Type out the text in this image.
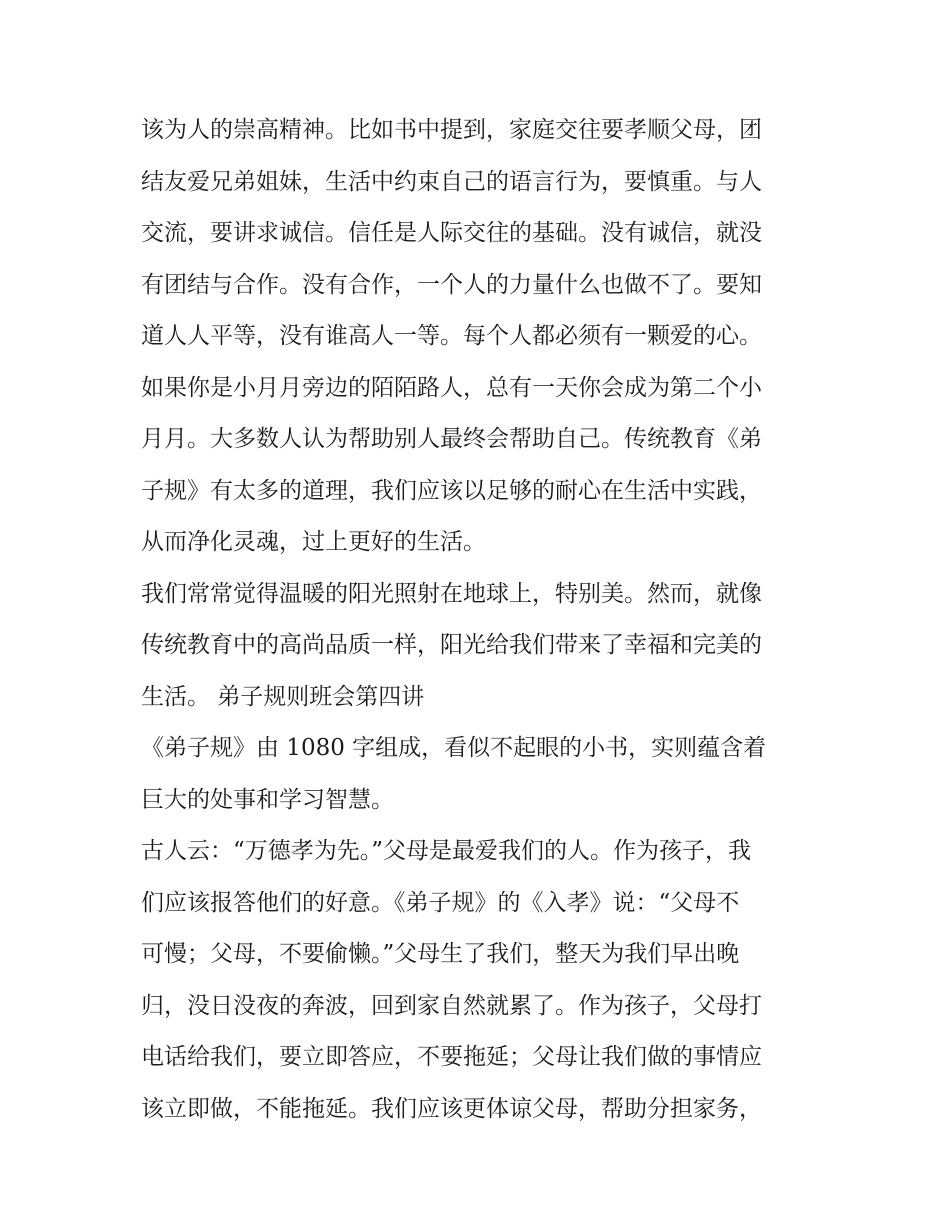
该为人的崇高精神。比如书中提到，家庭交往要孝顺父母，团
结友爱兄弟姐妹，生活中约束自己的语言行为，要慎重。与人
交流，要讲求诚信。信任是人际交往的基础。没有诚信，就没
有团结与合作。没有合作，一个人的力量什么也做不了。要知
道人人平等，没有谁高人一等。每个人都必须有一颗爱的心。
如果你是小月月旁边的陌陌路人，总有一天你会成为第二个小
月月。大多数人认为帮助别人最终会帮助自己。传统教育《弟
子规》有太多的道理，我们应该以足够的耐心在生活中实践，
从而净化灵魂，过上更好的生活。
我们常常觉得温暖的阳光照射在地球上，特别美。然而，就像
传统教育中的高尚品质一样，阳光给我们带来了幸福和完美的
生活。 弟子规则班会第四讲
《弟子规》由 1080 字组成，看似不起眼的小书，实则蕴含着
巨大的处事和学习智慧。
古人云：“万德孝为先。”父母是最爱我们的人。作为孩子，我
们应该报答他们的好意。《弟子规》的《入孝》说：“父母不
可慢；父母，不要偷懒。”父母生了我们，整天为我们早出晚
归，没日没夜的奔波，回到家自然就累了。作为孩子，父母打
电话给我们，要立即答应，不要拖延；父母让我们做的事情应
该立即做，不能拖延。我们应该更体谅父母，帮助分担家务，
